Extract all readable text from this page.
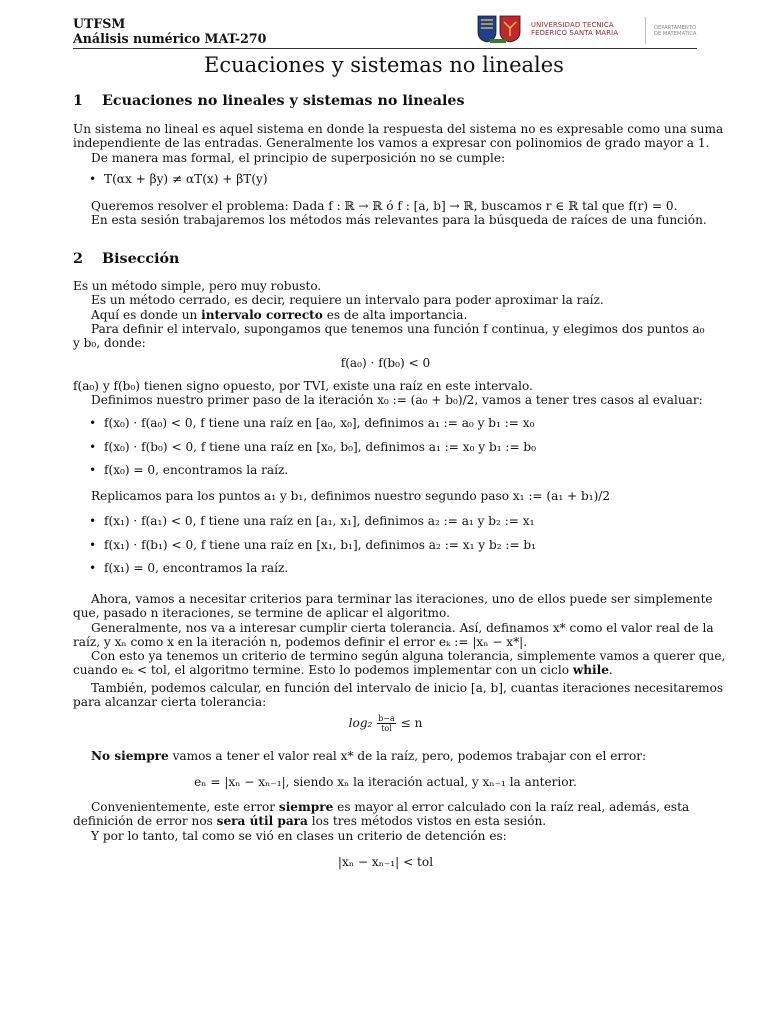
UTFSM
Análisis numérico MAT-270
UNIVERSIDAD TECNICA
FEDERICO SANTA MARIA
DEPARTAMENTO
DE MATEMATICA
Ecuaciones y sistemas no lineales
1 Ecuaciones no lineales y sistemas no lineales
Un sistema no lineal es aquel sistema en donde la respuesta del sistema no es expresable como una suma
independiente de las entradas. Generalmente los vamos a expresar con polinomios de grado mayor a 1.
De manera mas formal, el principio de superposición no se cumple:
T(αx + βy) ≠ αT(x) + βT(y)
Queremos resolver el problema: Dada f : ℝ → ℝ ó f : [a, b] → ℝ, buscamos r ∈ ℝ tal que f(r) = 0.
En esta sesión trabajaremos los métodos más relevantes para la búsqueda de raíces de una función.
2 Bisección
Es un método simple, pero muy robusto.
Es un método cerrado, es decir, requiere un intervalo para poder aproximar la raíz.
Aquí es donde un intervalo correcto es de alta importancia.
Para definir el intervalo, supongamos que tenemos una función f continua, y elegimos dos puntos a₀
y b₀, donde:
f(a₀) · f(b₀) < 0
f(a₀) y f(b₀) tienen signo opuesto, por TVI, existe una raíz en este intervalo.
Definimos nuestro primer paso de la iteración x₀ := (a₀ + b₀)/2, vamos a tener tres casos al evaluar:
f(x₀) · f(a₀) < 0, f tiene una raíz en [a₀, x₀], definimos a₁ := a₀ y b₁ := x₀
f(x₀) · f(b₀) < 0, f tiene una raíz en [x₀, b₀], definimos a₁ := x₀ y b₁ := b₀
f(x₀) = 0, encontramos la raíz.
Replicamos para los puntos a₁ y b₁, definimos nuestro segundo paso x₁ := (a₁ + b₁)/2
f(x₁) · f(a₁) < 0, f tiene una raíz en [a₁, x₁], definimos a₂ := a₁ y b₂ := x₁
f(x₁) · f(b₁) < 0, f tiene una raíz en [x₁, b₁], definimos a₂ := x₁ y b₂ := b₁
f(x₁) = 0, encontramos la raíz.
Ahora, vamos a necesitar criterios para terminar las iteraciones, uno de ellos puede ser simplemente
que, pasado n iteraciones, se termine de aplicar el algoritmo.
Generalmente, nos va a interesar cumplir cierta tolerancia. Así, definamos x* como el valor real de la
raíz, y xₙ como x en la iteración n, podemos definir el error eₖ := |xₙ − x*|.
Con esto ya tenemos un criterio de termino según alguna tolerancia, simplemente vamos a querer que,
cuando eₖ < tol, el algoritmo termine. Esto lo podemos implementar con un ciclo while.
También, podemos calcular, en función del intervalo de inicio [a, b], cuantas iteraciones necesitaremos
para alcanzar cierta tolerancia:
log₂ b−a
tol ≤ n
No siempre vamos a tener el valor real x* de la raíz, pero, podemos trabajar con el error:
eₙ = |xₙ − xₙ₋₁|, siendo xₙ la iteración actual, y xₙ₋₁ la anterior.
Convenientemente, este error siempre es mayor al error calculado con la raíz real, además, esta
definición de error nos sera útil para los tres métodos vistos en esta sesión.
Y por lo tanto, tal como se vió en clases un criterio de detención es:
|xₙ − xₙ₋₁| < tol
